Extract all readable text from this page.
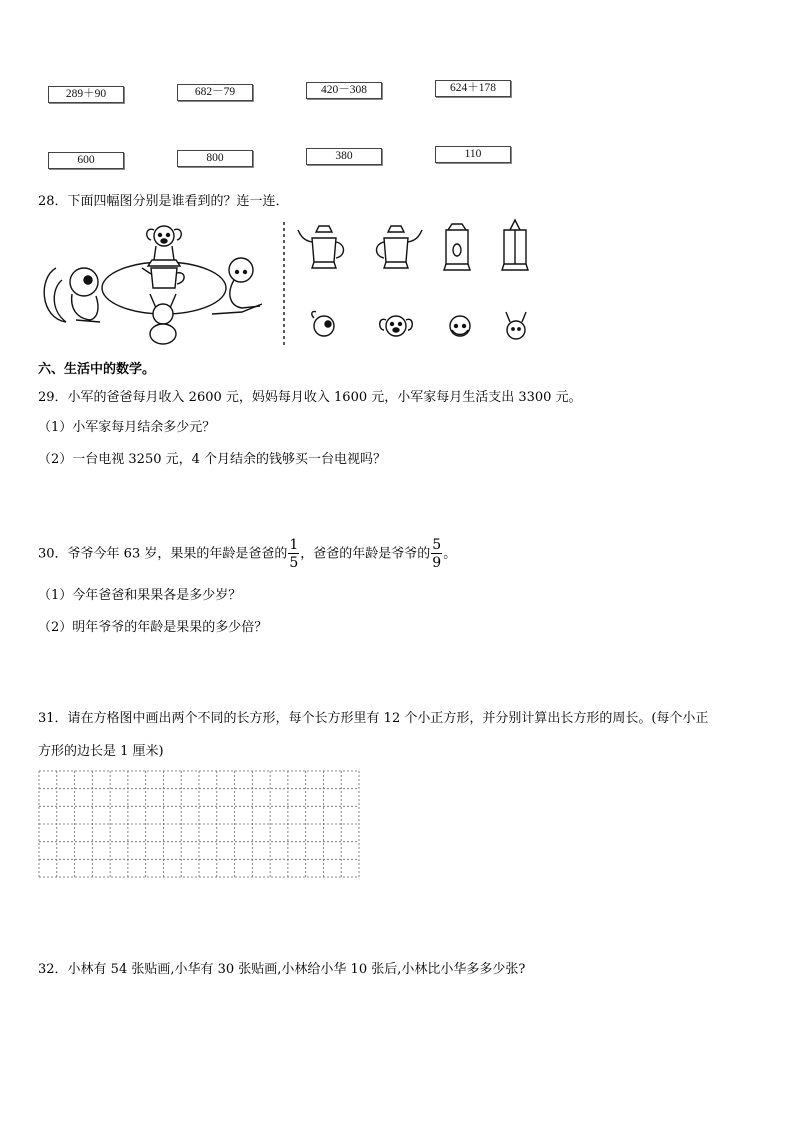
289＋90	682－79	420－308	624＋178
600	800	380	110
28．下面四幅图分别是谁看到的？连一连．
六、生活中的数学。
29．小军的爸爸每月收入 2600 元，妈妈每月收入 1600 元，小军家每月生活支出 3300 元。
（1）小军家每月结余多少元？
（2）一台电视 3250 元，4 个月结余的钱够买一台电视吗？
30．爷爷今年 63 岁，果果的年龄是爸爸的 $\frac{1}{5}$ ，爸爸的年龄是爷爷的 $\frac{5}{9}$ 。
（1）今年爸爸和果果各是多少岁？
（2）明年爷爷的年龄是果果的多少倍？
31．请在方格图中画出两个不同的长方形，每个长方形里有 12 个小正方形，并分别计算出长方形的周长。(每个小正
方形的边长是 1 厘米)
32．小林有 54 张贴画,小华有 30 张贴画,小林给小华 10 张后,小林比小华多多少张?
